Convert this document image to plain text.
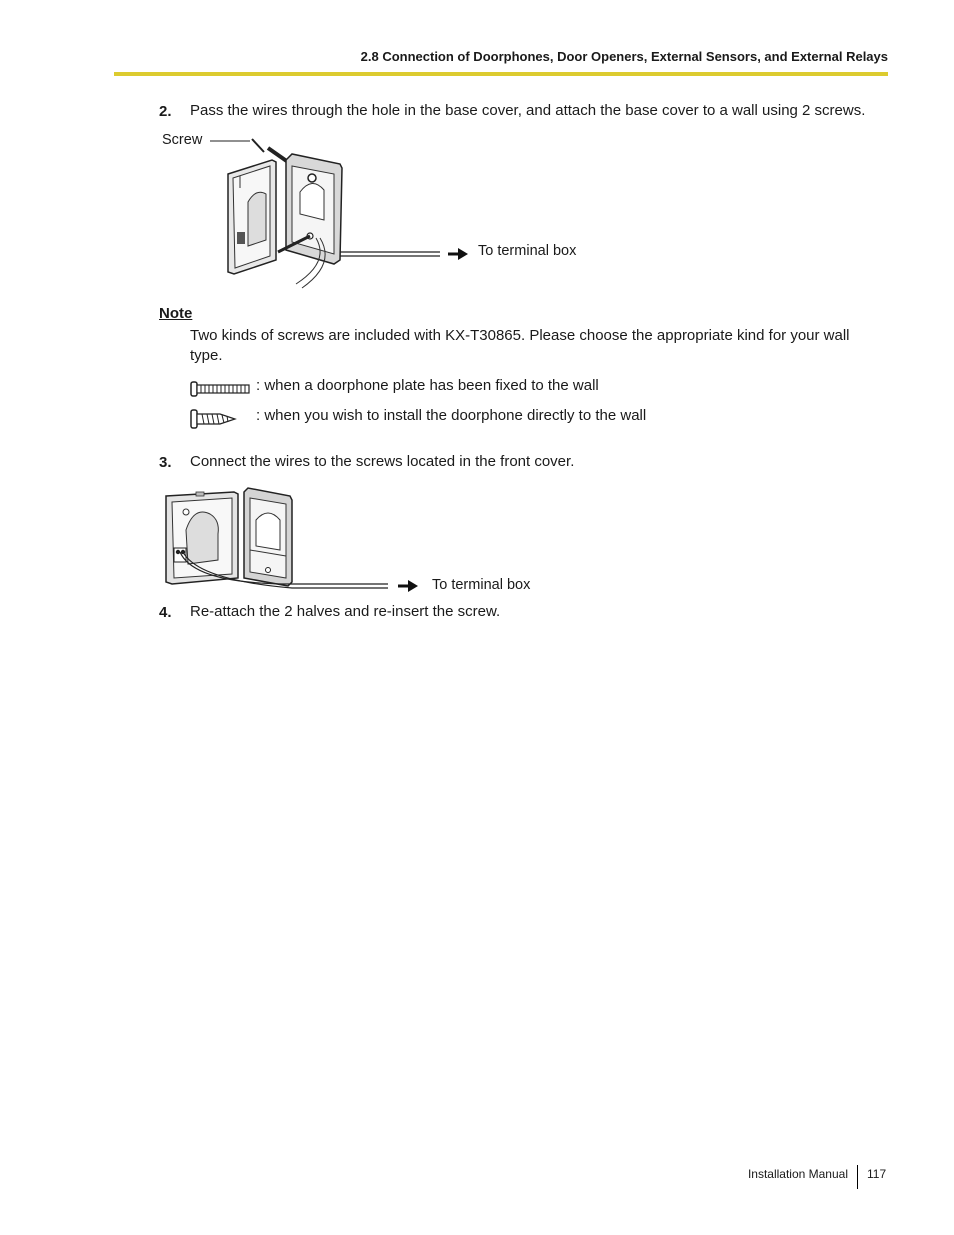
2.8 Connection of Doorphones, Door Openers, External Sensors, and External Relays
2. Pass the wires through the hole in the base cover, and attach the base cover to a wall using 2 screws.
Screw
To terminal box
Note
Two kinds of screws are included with KX-T30865. Please choose the appropriate kind for your wall type.
: when a doorphone plate has been fixed to the wall
: when you wish to install the doorphone directly to the wall
3. Connect the wires to the screws located in the front cover.
To terminal box
4. Re-attach the 2 halves and re-insert the screw.
Installation Manual 117
